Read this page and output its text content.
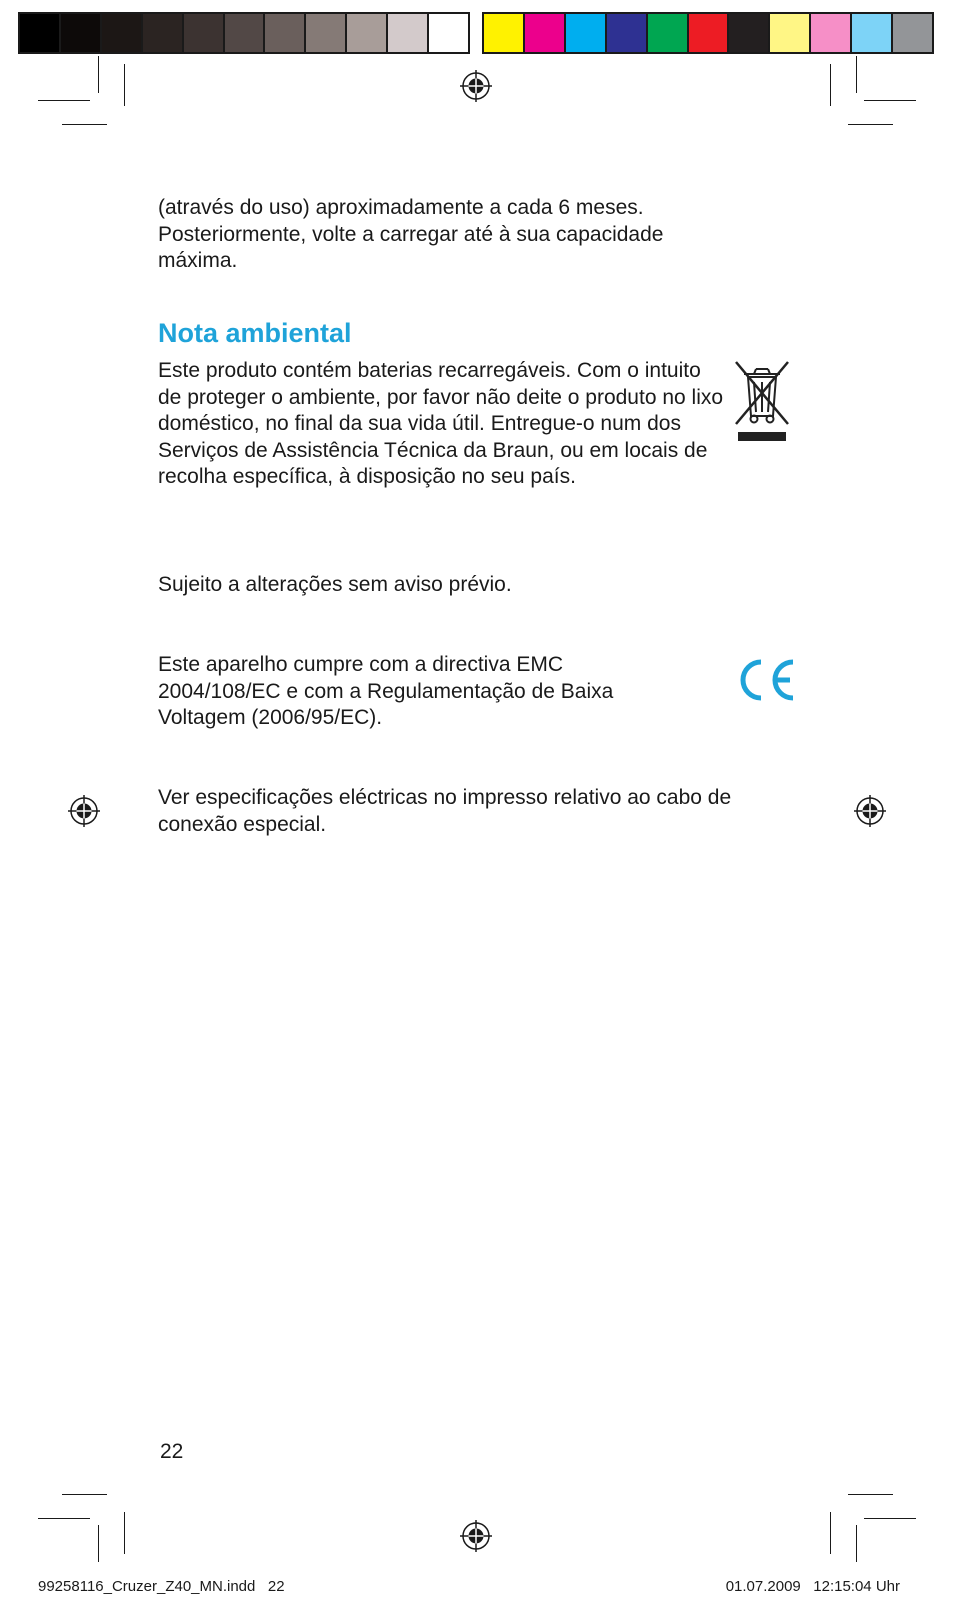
(através do uso) aproximadamente a cada 6 meses. Posteriormente, volte a carregar até à sua capacidade máxima.

Nota ambiental

Este produto contém baterias recarregáveis. Com o intuito de proteger o ambiente, por favor não deite o produto no lixo doméstico, no final da sua vida útil. Entregue-o num dos Serviços de Assistência Técnica da Braun, ou em locais de recolha específica, à disposição no seu país.

Sujeito a alterações sem aviso prévio.

Este aparelho cumpre com a directiva EMC 2004/108/EC e com a Regulamentação de Baixa Voltagem (2006/95/EC).

Ver especificações eléctricas no impresso relativo ao cabo de conexão especial.

22

99258116_Cruzer_Z40_MN.indd   22	01.07.2009   12:15:04 Uhr
